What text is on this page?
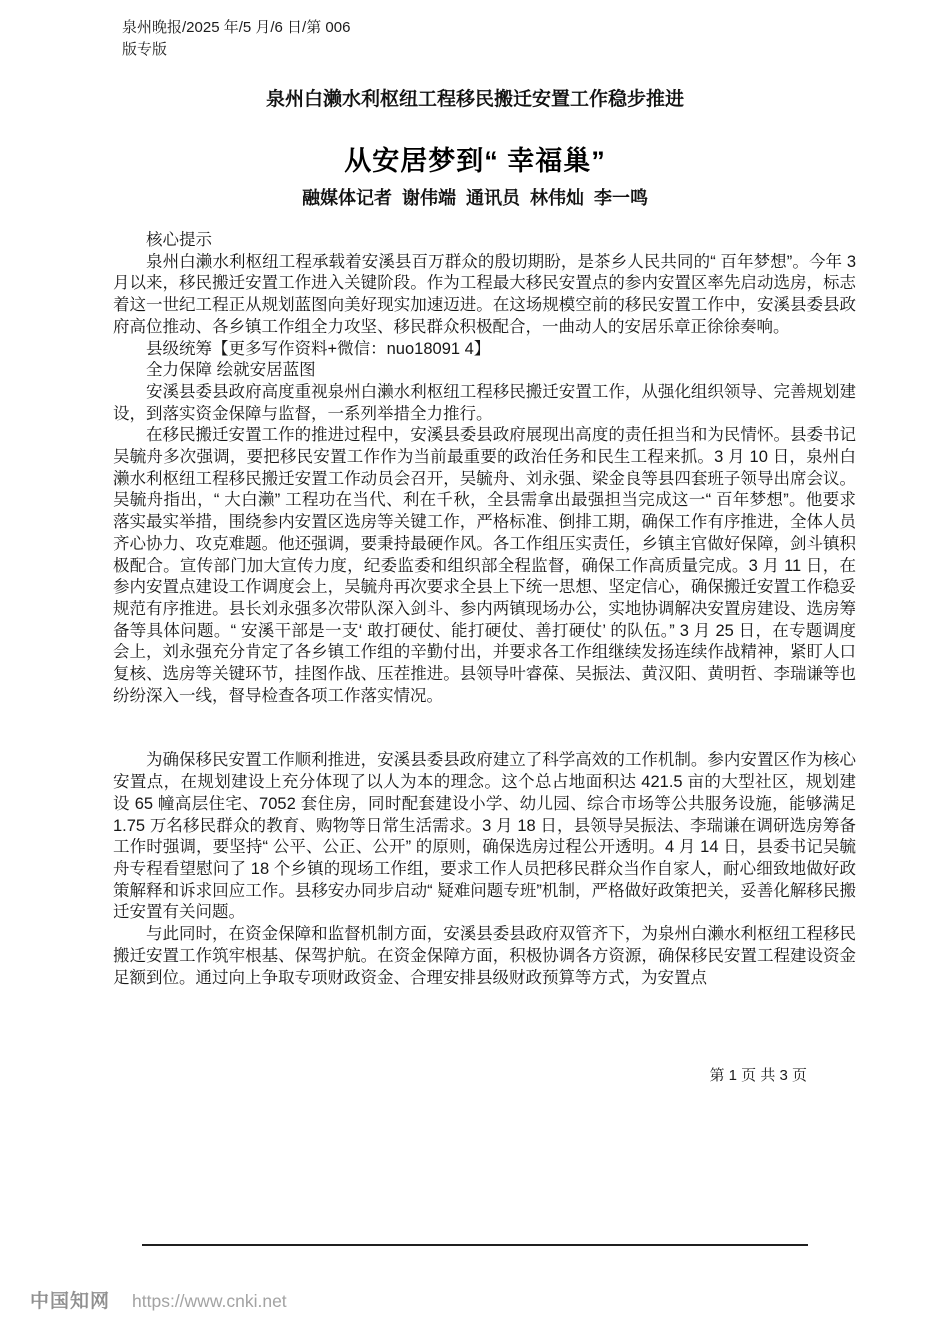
泉州晚报/2025 年/5 月/6 日/第 006
版专版
泉州白濑水利枢纽工程移民搬迁安置工作稳步推进
从安居梦到“ 幸福巢”
融媒体记者  谢伟端  通讯员  林伟灿  李一鸣

核心提示

泉州白濑水利枢纽工程承载着安溪县百万群众的殷切期盼，是茶乡人民共同的“ 百年梦想”。今年 3 月以来，移民搬迁安置工作进入关键阶段。作为工程最大移民安置点的参内安置区率先启动选房，标志着这一世纪工程正从规划蓝图向美好现实加速迈进。在这场规模空前的移民安置工作中，安溪县委县政府高位推动、各乡镇工作组全力攻坚、移民群众积极配合，一曲动人的安居乐章正徐徐奏响。

县级统筹【更多写作资料+微信：nuo18091 4】

全力保障 绘就安居蓝图

安溪县委县政府高度重视泉州白濑水利枢纽工程移民搬迁安置工作，从强化组织领导、完善规划建设，到落实资金保障与监督，一系列举措全力推行。

在移民搬迁安置工作的推进过程中，安溪县委县政府展现出高度的责任担当和为民情怀。县委书记吴毓舟多次强调，要把移民安置工作作为当前最重要的政治任务和民生工程来抓。3 月 10 日，泉州白濑水利枢纽工程移民搬迁安置工作动员会召开，吴毓舟、刘永强、梁金良等县四套班子领导出席会议。吴毓舟指出，“ 大白濑” 工程功在当代、利在千秋，全县需拿出最强担当完成这一“ 百年梦想”。他要求落实最实举措，围绕参内安置区选房等关键工作，严格标准、倒排工期，确保工作有序推进，全体人员齐心协力、攻克难题。他还强调，要秉持最硬作风。各工作组压实责任，乡镇主官做好保障，剑斗镇积极配合。宣传部门加大宣传力度，纪委监委和组织部全程监督，确保工作高质量完成。3 月 11 日，在参内安置点建设工作调度会上，吴毓舟再次要求全县上下统一思想、坚定信心，确保搬迁安置工作稳妥规范有序推进。县长刘永强多次带队深入剑斗、参内两镇现场办公，实地协调解决安置房建设、选房筹备等具体问题。“ 安溪干部是一支‘ 敢打硬仗、能打硬仗、善打硬仗’ 的队伍。” 3 月 25 日，在专题调度会上，刘永强充分肯定了各乡镇工作组的辛勤付出，并要求各工作组继续发扬连续作战精神，紧盯人口复核、选房等关键环节，挂图作战、压茬推进。县领导叶睿葆、吴振法、黄汉阳、黄明哲、李瑞谦等也纷纷深入一线，督导检查各项工作落实情况。

为确保移民安置工作顺利推进，安溪县委县政府建立了科学高效的工作机制。参内安置区作为核心安置点，在规划建设上充分体现了以人为本的理念。这个总占地面积达 421.5 亩的大型社区，规划建设 65 幢高层住宅、7052 套住房，同时配套建设小学、幼儿园、综合市场等公共服务设施，能够满足 1.75 万名移民群众的教育、购物等日常生活需求。3 月 18 日，县领导吴振法、李瑞谦在调研选房筹备工作时强调，要坚持“ 公平、公正、公开” 的原则，确保选房过程公开透明。4 月 14 日，县委书记吴毓舟专程看望慰问了 18 个乡镇的现场工作组，要求工作人员把移民群众当作自家人，耐心细致地做好政策解释和诉求回应工作。县移安办同步启动“ 疑难问题专班”机制，严格做好政策把关，妥善化解移民搬迁安置有关问题。

与此同时，在资金保障和监督机制方面，安溪县委县政府双管齐下，为泉州白濑水利枢纽工程移民搬迁安置工作筑牢根基、保驾护航。在资金保障方面，积极协调各方资源，确保移民安置工程建设资金足额到位。通过向上争取专项财政资金、合理安排县级财政预算等方式，为安置点

第 1 页 共 3 页
中国知网 https://www.cnki.net
